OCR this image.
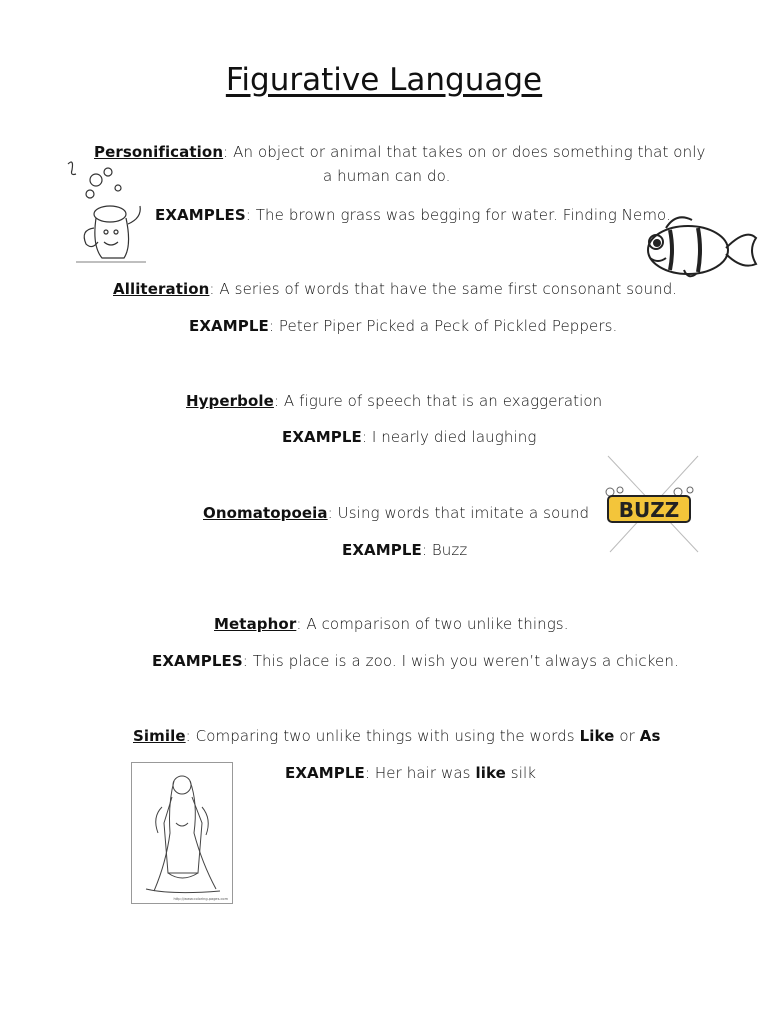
Figurative Language
Personification: An object or animal that takes on or does something that only
a human can do.
EXAMPLES: The brown grass was begging for water. Finding Nemo.
Alliteration: A series of words that have the same first consonant sound.
EXAMPLE: Peter Piper Picked a Peck of Pickled Peppers.
Hyperbole: A figure of speech that is an exaggeration
EXAMPLE: I nearly died laughing
BUZZ
Onomatopoeia: Using words that imitate a sound
EXAMPLE: Buzz
Metaphor: A comparison of two unlike things.
EXAMPLES: This place is a zoo. I wish you weren’t always a chicken.
Simile: Comparing two unlike things with using the words Like or As
EXAMPLE: Her hair was like silk
http://www.coloring-pages.com
